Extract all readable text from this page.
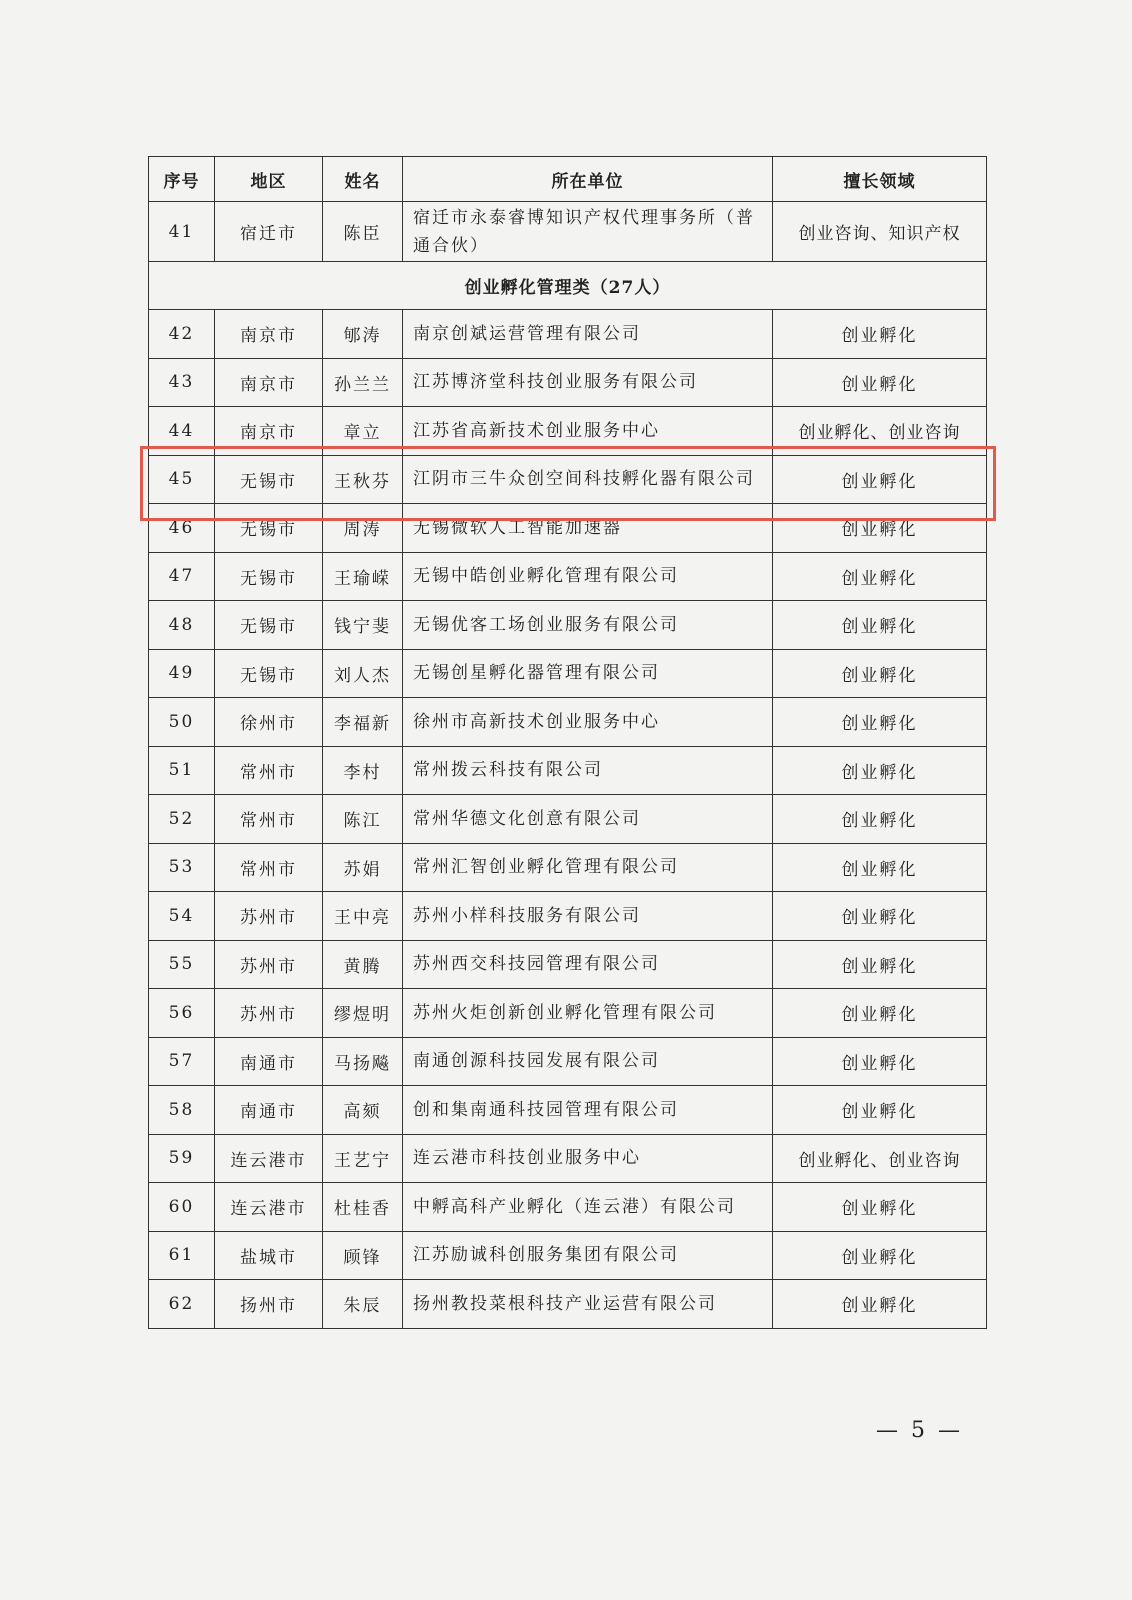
序号	地区	姓名	所在单位	擅长领域
41	宿迁市	陈臣	宿迁市永泰睿博知识产权代理事务所（普通合伙）	创业咨询、知识产权
创业孵化管理类（27人）				
42	南京市	郇涛	南京创斌运营管理有限公司	创业孵化
43	南京市	孙兰兰	江苏博济堂科技创业服务有限公司	创业孵化
44	南京市	章立	江苏省高新技术创业服务中心	创业孵化、创业咨询
45	无锡市	王秋芬	江阴市三牛众创空间科技孵化器有限公司	创业孵化
46	无锡市	周涛	无锡微软人工智能加速器	创业孵化
47	无锡市	王瑜嵘	无锡中皓创业孵化管理有限公司	创业孵化
48	无锡市	钱宁斐	无锡优客工场创业服务有限公司	创业孵化
49	无锡市	刘人杰	无锡创星孵化器管理有限公司	创业孵化
50	徐州市	李福新	徐州市高新技术创业服务中心	创业孵化
51	常州市	李村	常州拨云科技有限公司	创业孵化
52	常州市	陈江	常州华德文化创意有限公司	创业孵化
53	常州市	苏娟	常州汇智创业孵化管理有限公司	创业孵化
54	苏州市	王中亮	苏州小样科技服务有限公司	创业孵化
55	苏州市	黄腾	苏州西交科技园管理有限公司	创业孵化
56	苏州市	缪煜明	苏州火炬创新创业孵化管理有限公司	创业孵化
57	南通市	马扬飚	南通创源科技园发展有限公司	创业孵化
58	南通市	高颏	创和集南通科技园管理有限公司	创业孵化
59	连云港市	王艺宁	连云港市科技创业服务中心	创业孵化、创业咨询
60	连云港市	杜桂香	中孵高科产业孵化（连云港）有限公司	创业孵化
61	盐城市	顾锋	江苏励诚科创服务集团有限公司	创业孵化
62	扬州市	朱辰	扬州教投菜根科技产业运营有限公司	创业孵化
— 5 —
